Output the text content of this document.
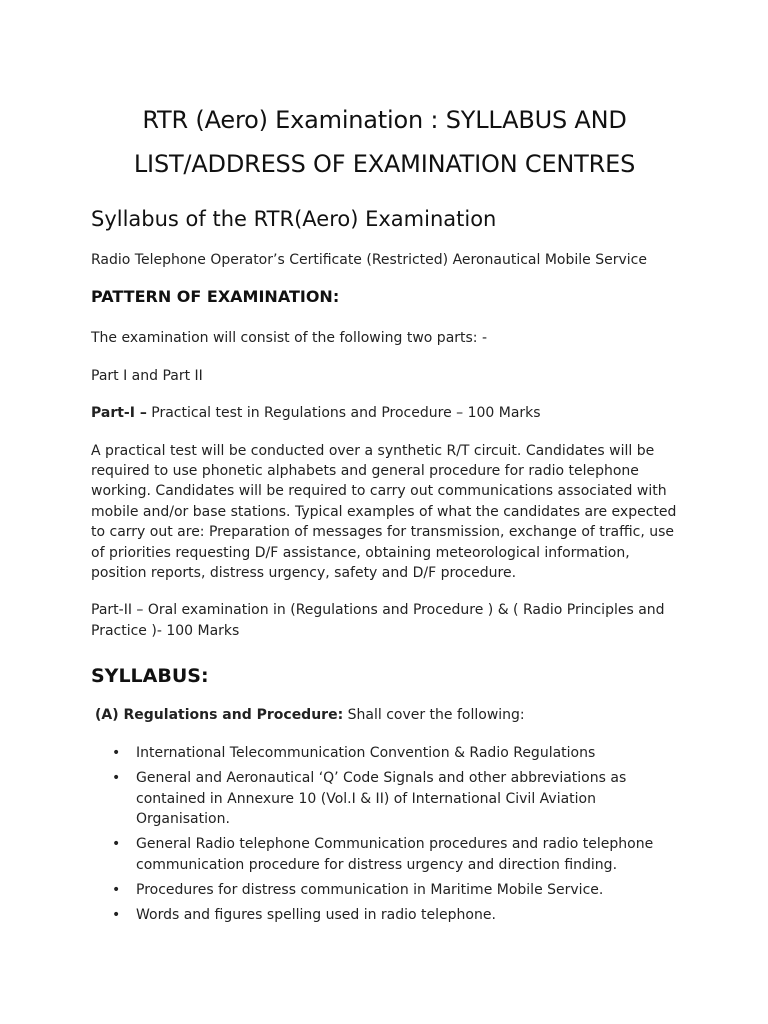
RTR (Aero) Examination : SYLLABUS AND LIST/ADDRESS OF EXAMINATION CENTRES
Syllabus of the RTR(Aero) Examination

Radio Telephone Operator’s Certificate (Restricted) Aeronautical Mobile Service

PATTERN OF EXAMINATION:

The examination will consist of the following two parts: -

Part I and Part II

Part-I – Practical test in Regulations and Procedure – 100 Marks

A practical test will be conducted over a synthetic R/T circuit. Candidates will be required to use phonetic alphabets and general procedure for radio telephone working. Candidates will be required to carry out communications associated with mobile and/or base stations. Typical examples of what the candidates are expected to carry out are: Preparation of messages for transmission, exchange of traffic, use of priorities requesting D/F assistance, obtaining meteorological information, position reports, distress urgency, safety and D/F procedure.

Part-II – Oral examination in (Regulations and Procedure ) & ( Radio Principles and Practice )- 100 Marks

SYLLABUS:

(A) Regulations and Procedure: Shall cover the following:

• International Telecommunication Convention & Radio Regulations
• General and Aeronautical ‘Q’ Code Signals and other abbreviations as contained in Annexure 10 (Vol.I & II) of International Civil Aviation Organisation.
• General Radio telephone Communication procedures and radio telephone communication procedure for distress urgency and direction finding.
• Procedures for distress communication in Maritime Mobile Service.
• Words and figures spelling used in radio telephone.
